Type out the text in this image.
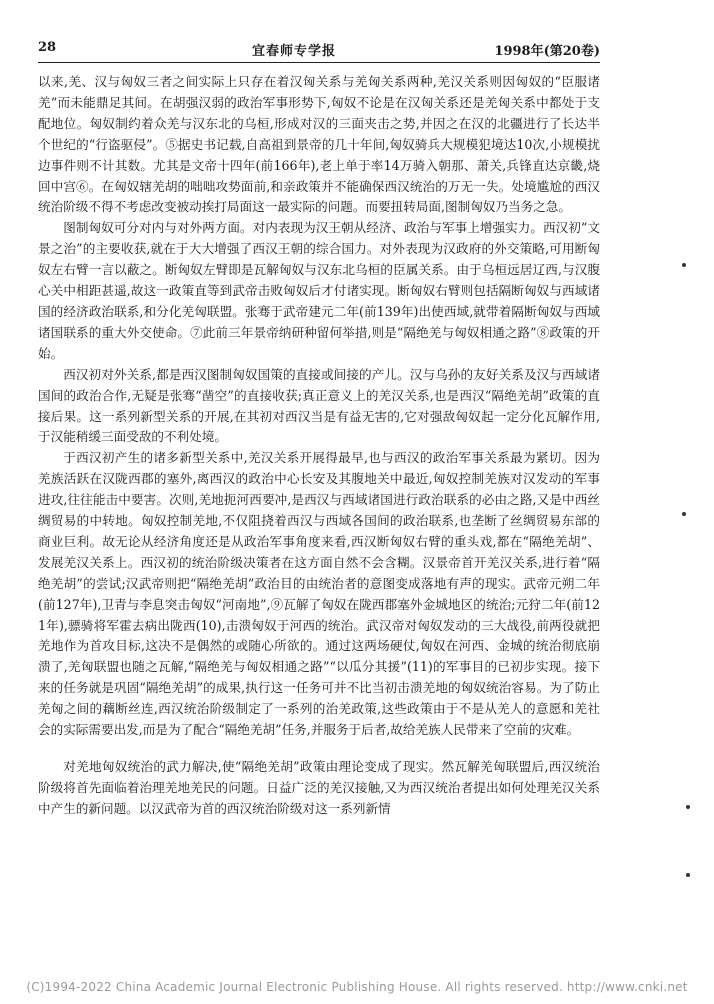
28	宜春师专学报	1998年(第20卷)

以来,羌、汉与匈奴三者之间实际上只存在着汉匈关系与羌匈关系两种,羌汉关系则因匈奴的“臣服诸羌”而未能鼎足其间。在胡强汉弱的政治军事形势下,匈奴不论是在汉匈关系还是羌匈关系中都处于支配地位。匈奴制约着众羌与汉东北的乌桓,形成对汉的三面夹击之势,并因之在汉的北疆进行了长达半个世纪的“行盗驱侵”。⑤据史书记载,自高祖到景帝的几十年间,匈奴骑兵大规模犯境达10次,小规模扰边事件则不计其数。尤其是文帝十四年(前166年),老上单于率14万骑入朝那、萧关,兵锋直达京畿,烧回中宫⑥。在匈奴辖羌胡的咄咄攻势面前,和亲政策并不能确保西汉统治的万无一失。处境尴尬的西汉统治阶级不得不考虑改变被动挨打局面这一最实际的问题。而要扭转局面,图制匈奴乃当务之急。

图制匈奴可分对内与对外两方面。对内表现为汉王朝从经济、政治与军事上增强实力。西汉初“文景之治”的主要收获,就在于大大增强了西汉王朝的综合国力。对外表现为汉政府的外交策略,可用断匈奴左右臂一言以蔽之。断匈奴左臂即是瓦解匈奴与汉东北乌桓的臣属关系。由于乌桓远居辽西,与汉腹心关中相距甚遥,故这一政策直等到武帝击败匈奴后才付诸实现。断匈奴右臂则包括隔断匈奴与西域诸国的经济政治联系,和分化羌匈联盟。张骞于武帝建元二年(前139年)出使西域,就带着隔断匈奴与西域诸国联系的重大外交使命。⑦此前三年景帝纳研种留何举措,则是“隔绝羌与匈奴相通之路”⑧政策的开始。

西汉初对外关系,都是西汉图制匈奴国策的直接或间接的产儿。汉与乌孙的友好关系及汉与西域诸国间的政治合作,无疑是张骞“凿空”的直接收获;真正意义上的羌汉关系,也是西汉“隔绝羌胡”政策的直接后果。这一系列新型关系的开展,在其初对西汉当是有益无害的,它对强敌匈奴起一定分化瓦解作用,于汉能稍缓三面受敌的不利处境。

于西汉初产生的诸多新型关系中,羌汉关系开展得最早,也与西汉的政治军事关系最为紧切。因为羌族活跃在汉陇西郡的塞外,离西汉的政治中心长安及其腹地关中最近,匈奴控制羌族对汉发动的军事进攻,往往能击中要害。次则,羌地扼河西要冲,是西汉与西域诸国进行政治联系的必由之路,又是中西丝绸贸易的中转地。匈奴控制羌地,不仅阻挠着西汉与西域各国间的政治联系,也垄断了丝绸贸易东部的商业巨利。故无论从经济角度还是从政治军事角度来看,西汉断匈奴右臂的重头戏,都在“隔绝羌胡”、发展羌汉关系上。西汉初的统治阶级决策者在这方面自然不会含糊。汉景帝首开羌汉关系,进行着“隔绝羌胡”的尝试;汉武帝则把“隔绝羌胡”政治目的由统治者的意图变成落地有声的现实。武帝元朔二年(前127年),卫青与李息突击匈奴“河南地”,⑨瓦解了匈奴在陇西郡塞外金城地区的统治;元狩二年(前121年),骠骑将军霍去病出陇西(10),击溃匈奴于河西的统治。武汉帝对匈奴发动的三大战役,前两役就把羌地作为首攻目标,这决不是偶然的或随心所欲的。通过这两场硬仗,匈奴在河西、金城的统治彻底崩溃了,羌匈联盟也随之瓦解,“隔绝羌与匈奴相通之路”“以瓜分其援”(11)的军事目的已初步实现。接下来的任务就是巩固“隔绝羌胡”的成果,执行这一任务可并不比当初击溃羌地的匈奴统治容易。为了防止羌匈之间的藕断丝连,西汉统治阶级制定了一系列的治羌政策,这些政策由于不是从羌人的意愿和羌社会的实际需要出发,而是为了配合“隔绝羌胡”任务,并服务于后者,故给羌族人民带来了空前的灾难。

对羌地匈奴统治的武力解决,使“隔绝羌胡”政策由理论变成了现实。然瓦解羌匈联盟后,西汉统治阶级将首先面临着治理羌地羌民的问题。日益广泛的羌汉接触,又为西汉统治者提出如何处理羌汉关系中产生的新问题。以汉武帝为首的西汉统治阶级对这一系列新情

(C)1994-2022 China Academic Journal Electronic Publishing House. All rights reserved. http://www.cnki.net
